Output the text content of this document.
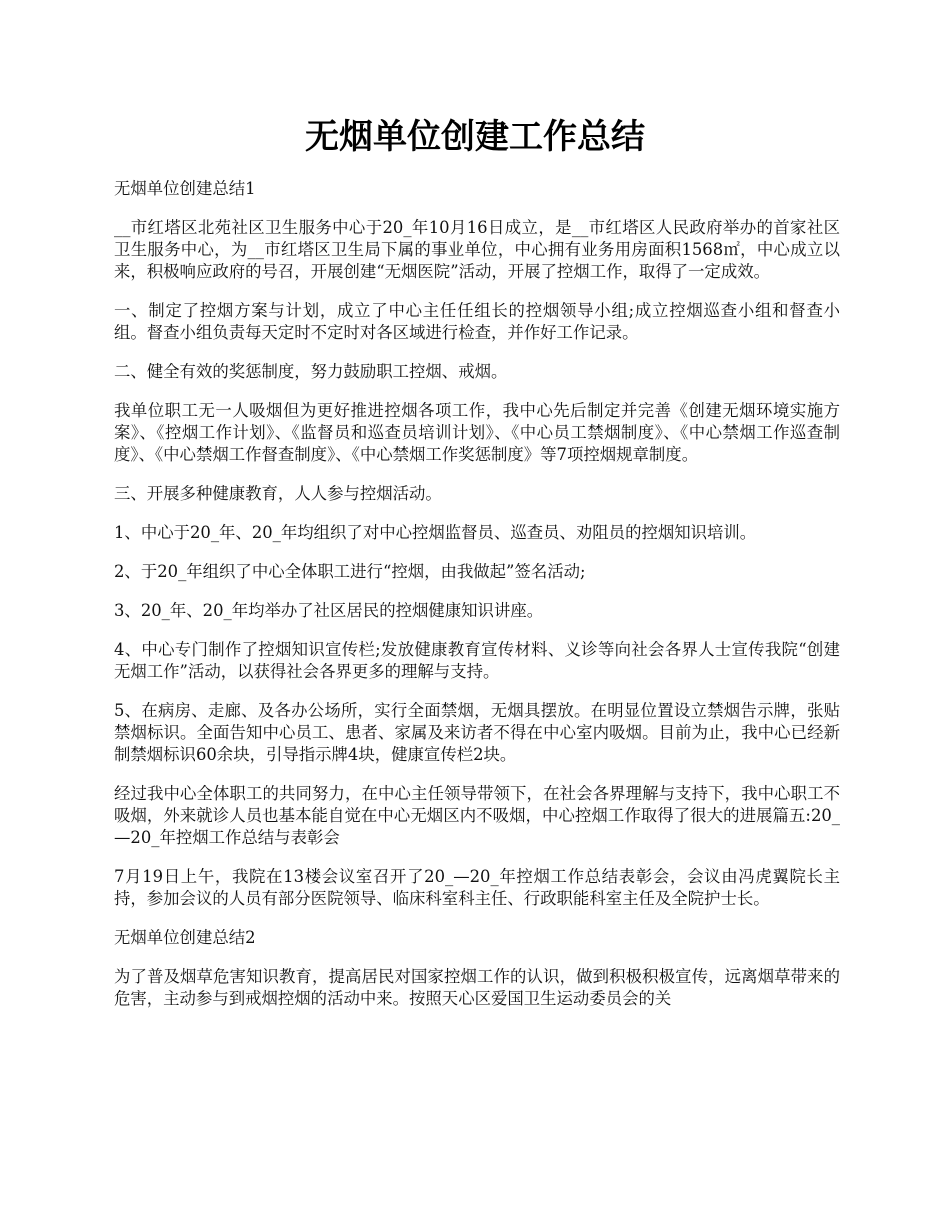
无烟单位创建工作总结

无烟单位创建总结1

__市红塔区北苑社区卫生服务中心于20_年10月16日成立，是__市红塔区人民政府举办的首家社区卫生服务中心，为__市红塔区卫生局下属的事业单位，中心拥有业务用房面积1568㎡，中心成立以来，积极响应政府的号召，开展创建“无烟医院”活动，开展了控烟工作，取得了一定成效。

一、制定了控烟方案与计划，成立了中心主任任组长的控烟领导小组;成立控烟巡查小组和督查小组。督查小组负责每天定时不定时对各区域进行检查，并作好工作记录。

二、健全有效的奖惩制度，努力鼓励职工控烟、戒烟。

我单位职工无一人吸烟但为更好推进控烟各项工作，我中心先后制定并完善《创建无烟环境实施方案》、《控烟工作计划》、《监督员和巡查员培训计划》、《中心员工禁烟制度》、《中心禁烟工作巡查制度》、《中心禁烟工作督查制度》、《中心禁烟工作奖惩制度》等7项控烟规章制度。

三、开展多种健康教育，人人参与控烟活动。

1、中心于20_年、20_年均组织了对中心控烟监督员、巡查员、劝阻员的控烟知识培训。

2、于20_年组织了中心全体职工进行“控烟，由我做起”签名活动;

3、20_年、20_年均举办了社区居民的控烟健康知识讲座。

4、中心专门制作了控烟知识宣传栏;发放健康教育宣传材料、义诊等向社会各界人士宣传我院“创建无烟工作”活动，以获得社会各界更多的理解与支持。

5、在病房、走廊、及各办公场所，实行全面禁烟，无烟具摆放。在明显位置设立禁烟告示牌，张贴禁烟标识。全面告知中心员工、患者、家属及来访者不得在中心室内吸烟。目前为止，我中心已经新制禁烟标识60余块，引导指示牌4块，健康宣传栏2块。

经过我中心全体职工的共同努力，在中心主任领导带领下，在社会各界理解与支持下，我中心职工不吸烟，外来就诊人员也基本能自觉在中心无烟区内不吸烟，中心控烟工作取得了很大的进展篇五:20_—20_年控烟工作总结与表彰会

7月19日上午，我院在13楼会议室召开了20_—20_年控烟工作总结表彰会，会议由冯虎翼院长主持，参加会议的人员有部分医院领导、临床科室科主任、行政职能科室主任及全院护士长。

无烟单位创建总结2

为了普及烟草危害知识教育，提高居民对国家控烟工作的认识，做到积极积极宣传，远离烟草带来的危害，主动参与到戒烟控烟的活动中来。按照天心区爱国卫生运动委员会的关
